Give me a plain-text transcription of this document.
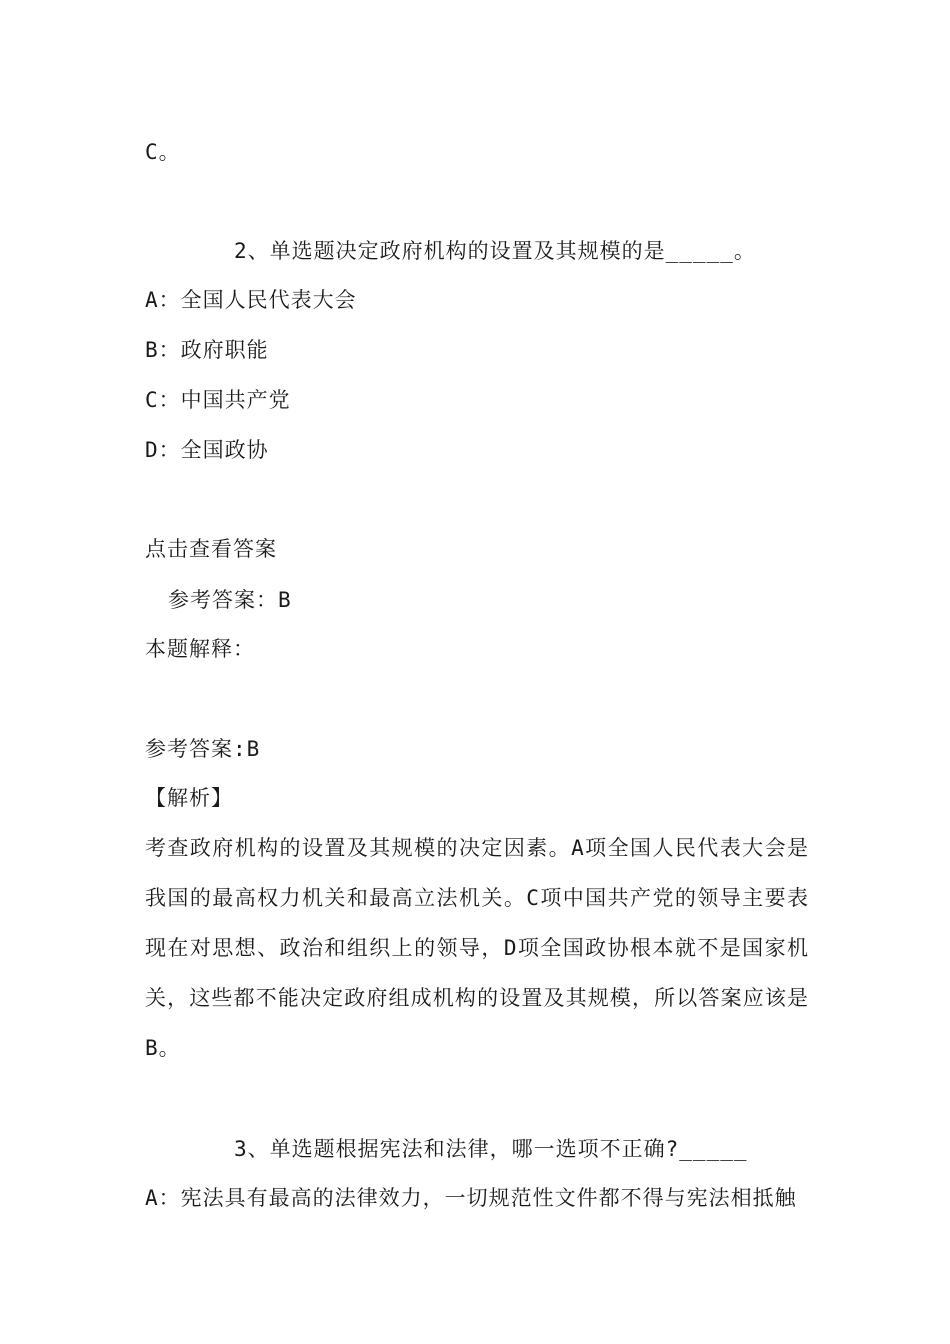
C。
2、单选题决定政府机构的设置及其规模的是_____。
A：全国人民代表大会
B：政府职能
C：中国共产党
D：全国政协
点击查看答案
参考答案：B
本题解释：
参考答案:B
【解析】
考查政府机构的设置及其规模的决定因素。A项全国人民代表大会是我国的最高权力机关和最高立法机关。C项中国共产党的领导主要表现在对思想、政治和组织上的领导，D项全国政协根本就不是国家机关，这些都不能决定政府组成机构的设置及其规模，所以答案应该是B。
3、单选题根据宪法和法律，哪一选项不正确?_____
A：宪法具有最高的法律效力，一切规范性文件都不得与宪法相抵触
